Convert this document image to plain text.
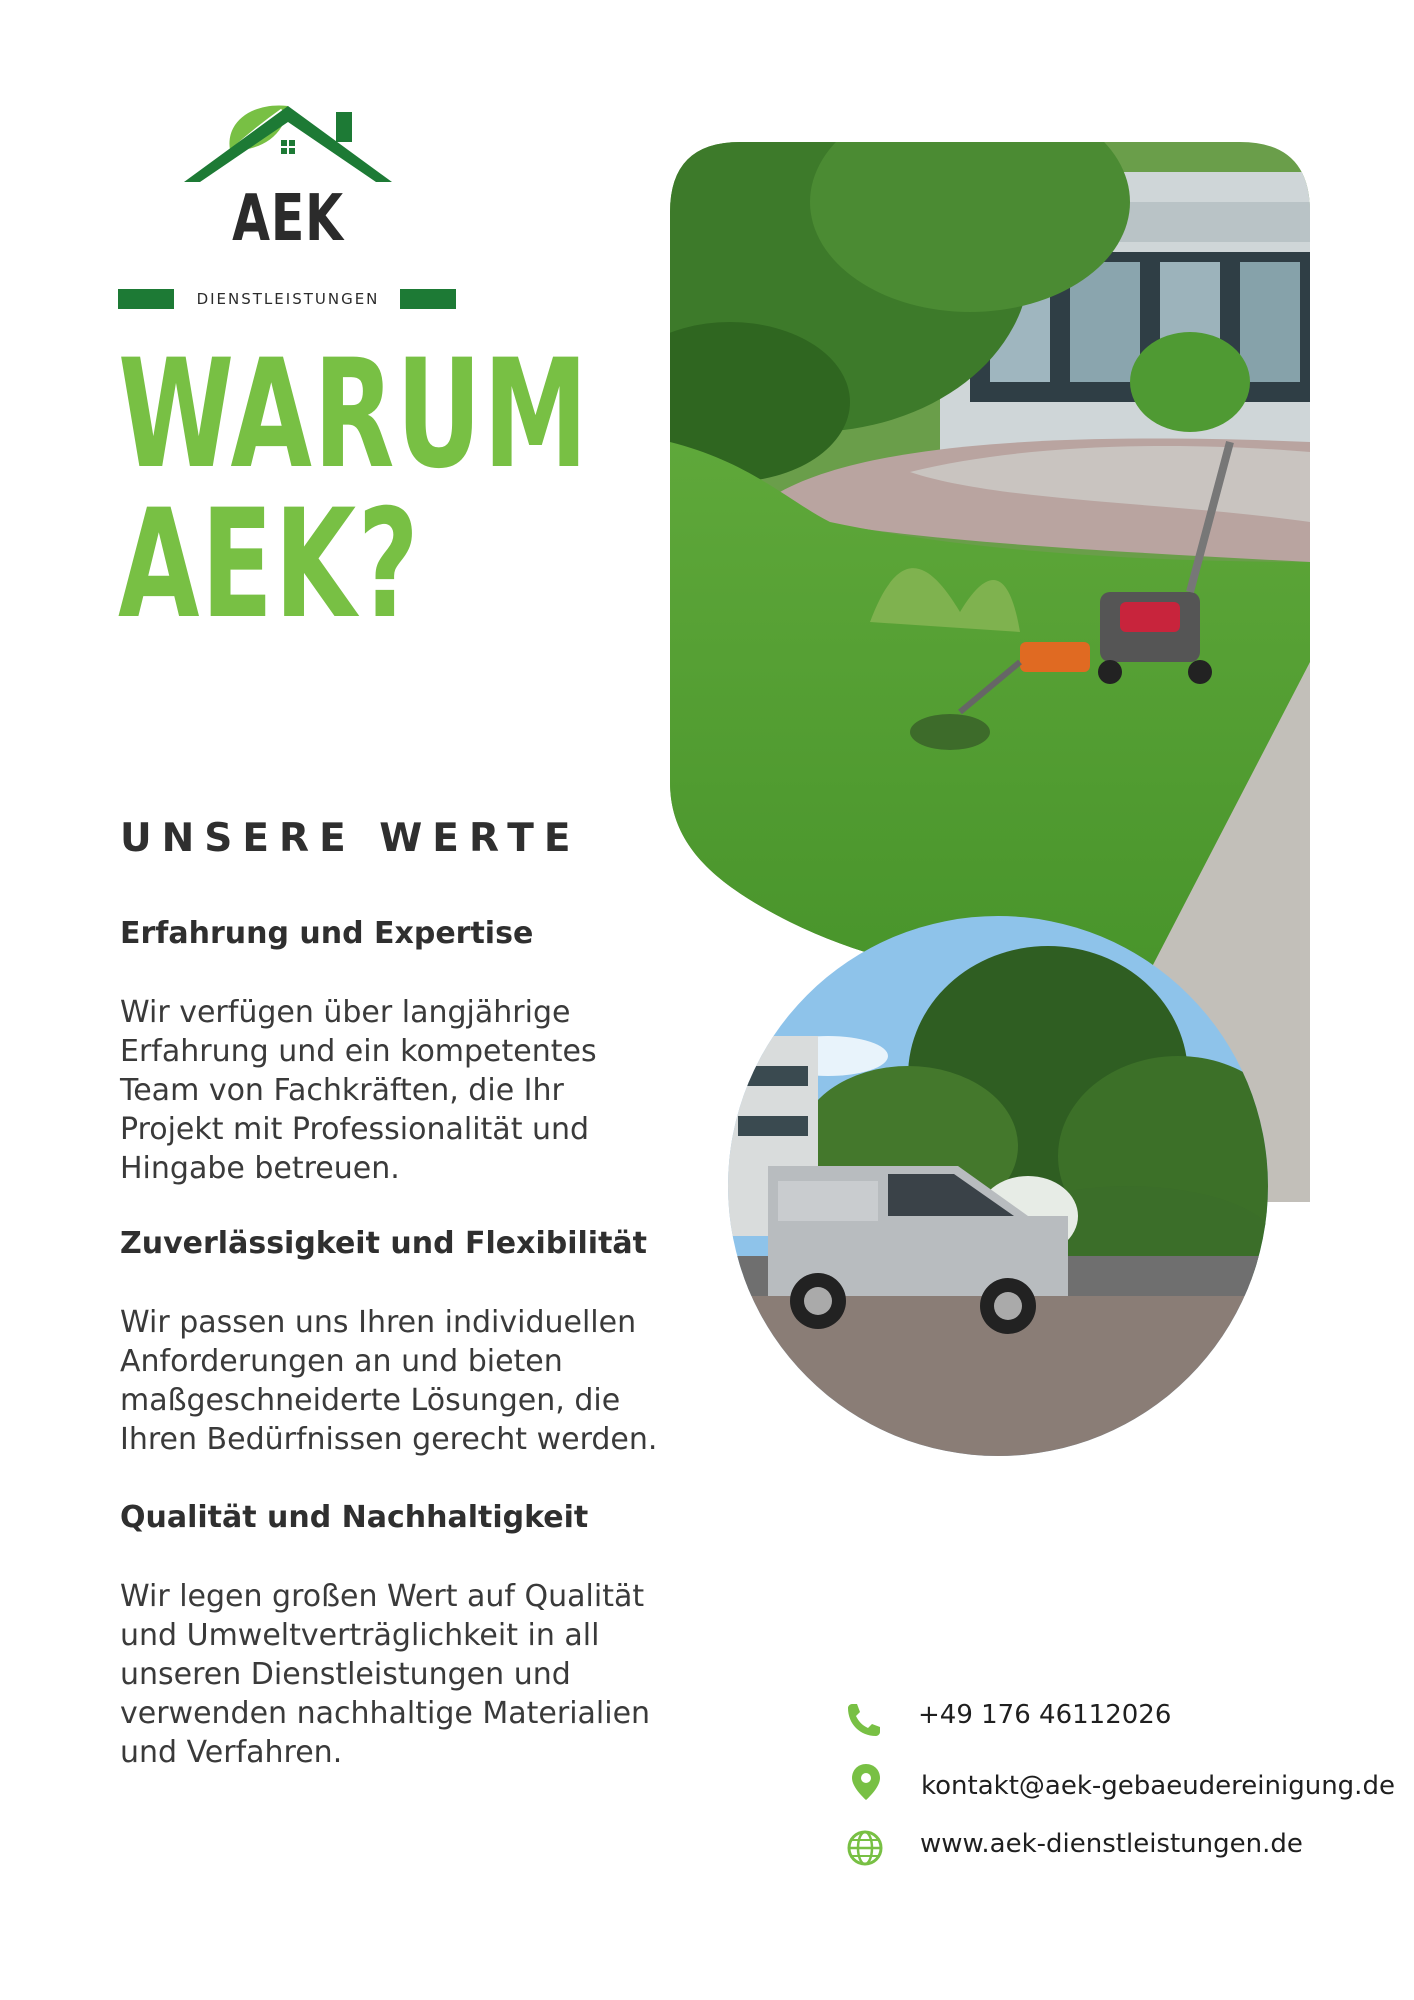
AEK
DIENSTLEISTUNGEN
WARUM
AEK?
UNSERE WERTE
Erfahrung und Expertise
Wir verfügen über langjährige
Erfahrung und ein kompetentes
Team von Fachkräften, die Ihr
Projekt mit Professionalität und
Hingabe betreuen.
Zuverlässigkeit und Flexibilität
Wir passen uns Ihren individuellen
Anforderungen an und bieten
maßgeschneiderte Lösungen, die
Ihren Bedürfnissen gerecht werden.
Qualität und Nachhaltigkeit
Wir legen großen Wert auf Qualität
und Umweltverträglichkeit in all
unseren Dienstleistungen und
verwenden nachhaltige Materialien
und Verfahren.
+49 176 46112026
kontakt@aek-gebaeudereinigung.de
www.aek-dienstleistungen.de
